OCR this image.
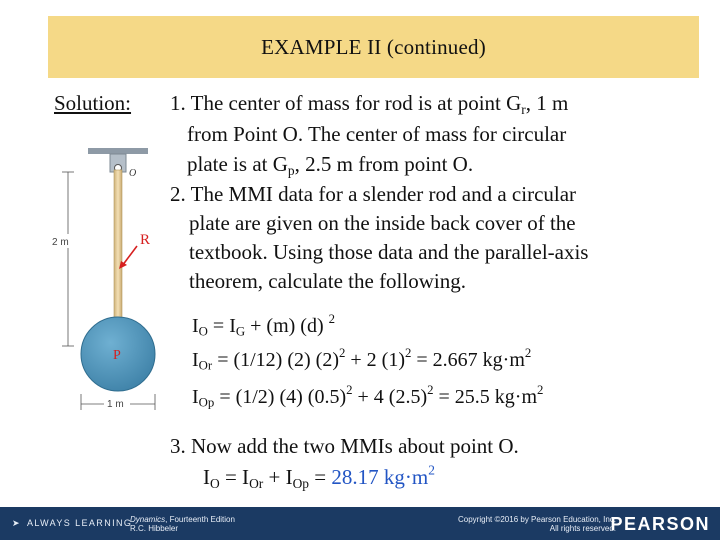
EXAMPLE II (continued)
Solution: 1. The center of mass for rod is at point $G_r$, 1 m
from Point O. The center of mass for circular
plate is at $G_p$, 2.5 m from point O.
2. The MMI data for a slender rod and a circular
plate are given on the inside back cover of the
textbook. Using those data and the parallel-axis
theorem, calculate the following.
$I_O = I_G + (m)$ (d) $^2$
$I_{Or} = (1/12)$ (2) $(2)^2 + 2$ $(1)^2 = 2.667$ $kg\cdot m^2$
$I_{Op} = (1/2)$ (4) $(0.5)^2 + 4$ $(2.5)^2 = 25.5$ $kg\cdot m^2$
3. Now add the two MMIs about point O.
$I_O = I_{Or} + I_{Op} = 28.17$ $kg\cdot m^2$
O
2 m	R
P
1 m
➤ ALWAYS LEARNING
Dynamics, Fourteenth Edition
R.C. Hibbeler
Copyright ©2016 by Pearson Education, Inc.
All rights reserved.
PEARSON
